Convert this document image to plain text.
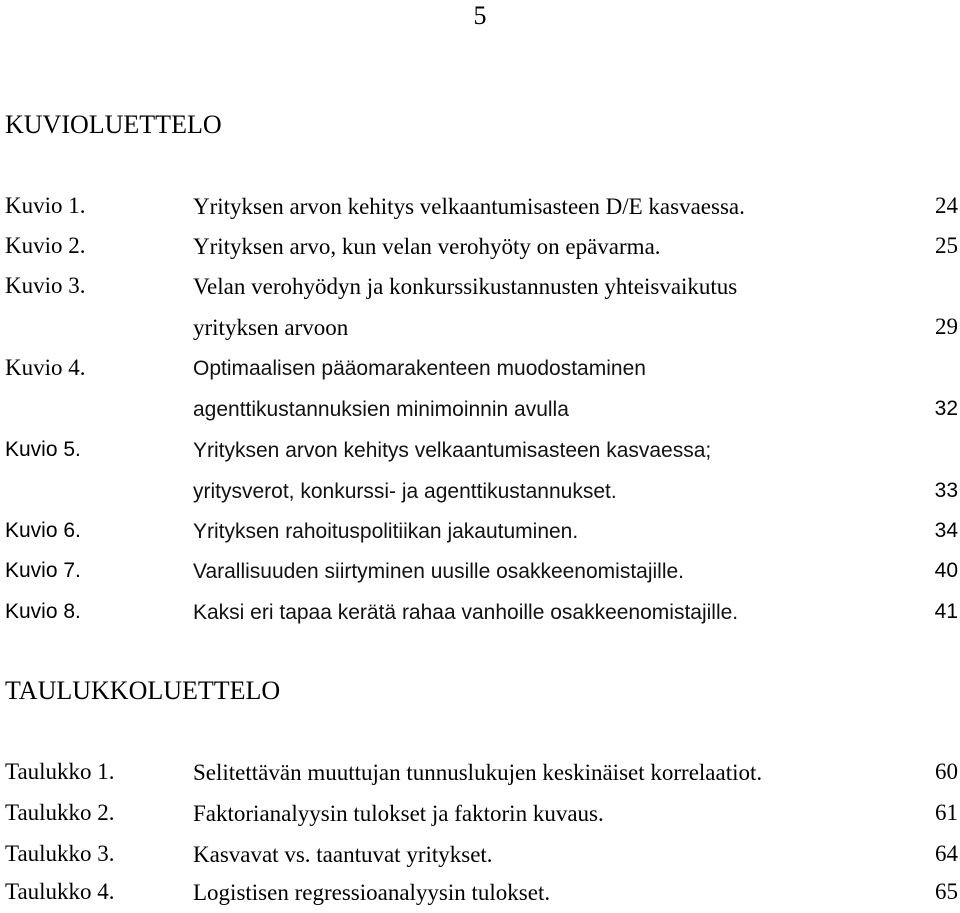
5
KUVIOLUETTELO
Kuvio 1.	Yrityksen arvon kehitys velkaantumisasteen D/E kasvaessa.	24
Kuvio 2.	Yrityksen arvo, kun velan verohyöty on epävarma.	25
Kuvio 3.	Velan verohyödyn ja konkurssikustannusten yhteisvaikutus
yrityksen arvoon	29
Kuvio 4.	Optimaalisen pääomarakenteen muodostaminen
agenttikustannuksien minimoinnin avulla	32
Kuvio 5.	Yrityksen arvon kehitys velkaantumisasteen kasvaessa;
yritysverot, konkurssi- ja agenttikustannukset.	33
Kuvio 6.	Yrityksen rahoituspolitiikan jakautuminen.	34
Kuvio 7.	Varallisuuden siirtyminen uusille osakkeenomistajille.	40
Kuvio 8.	Kaksi eri tapaa kerätä rahaa vanhoille osakkeenomistajille.	41
TAULUKKOLUETTELO
Taulukko 1.	Selitettävän muuttujan tunnuslukujen keskinäiset korrelaatiot.	60
Taulukko 2.	Faktorianalyysin tulokset ja faktorin kuvaus.	61
Taulukko 3.	Kasvavat vs. taantuvat yritykset.	64
Taulukko 4.	Logistisen regressioanalyysin tulokset.	65
